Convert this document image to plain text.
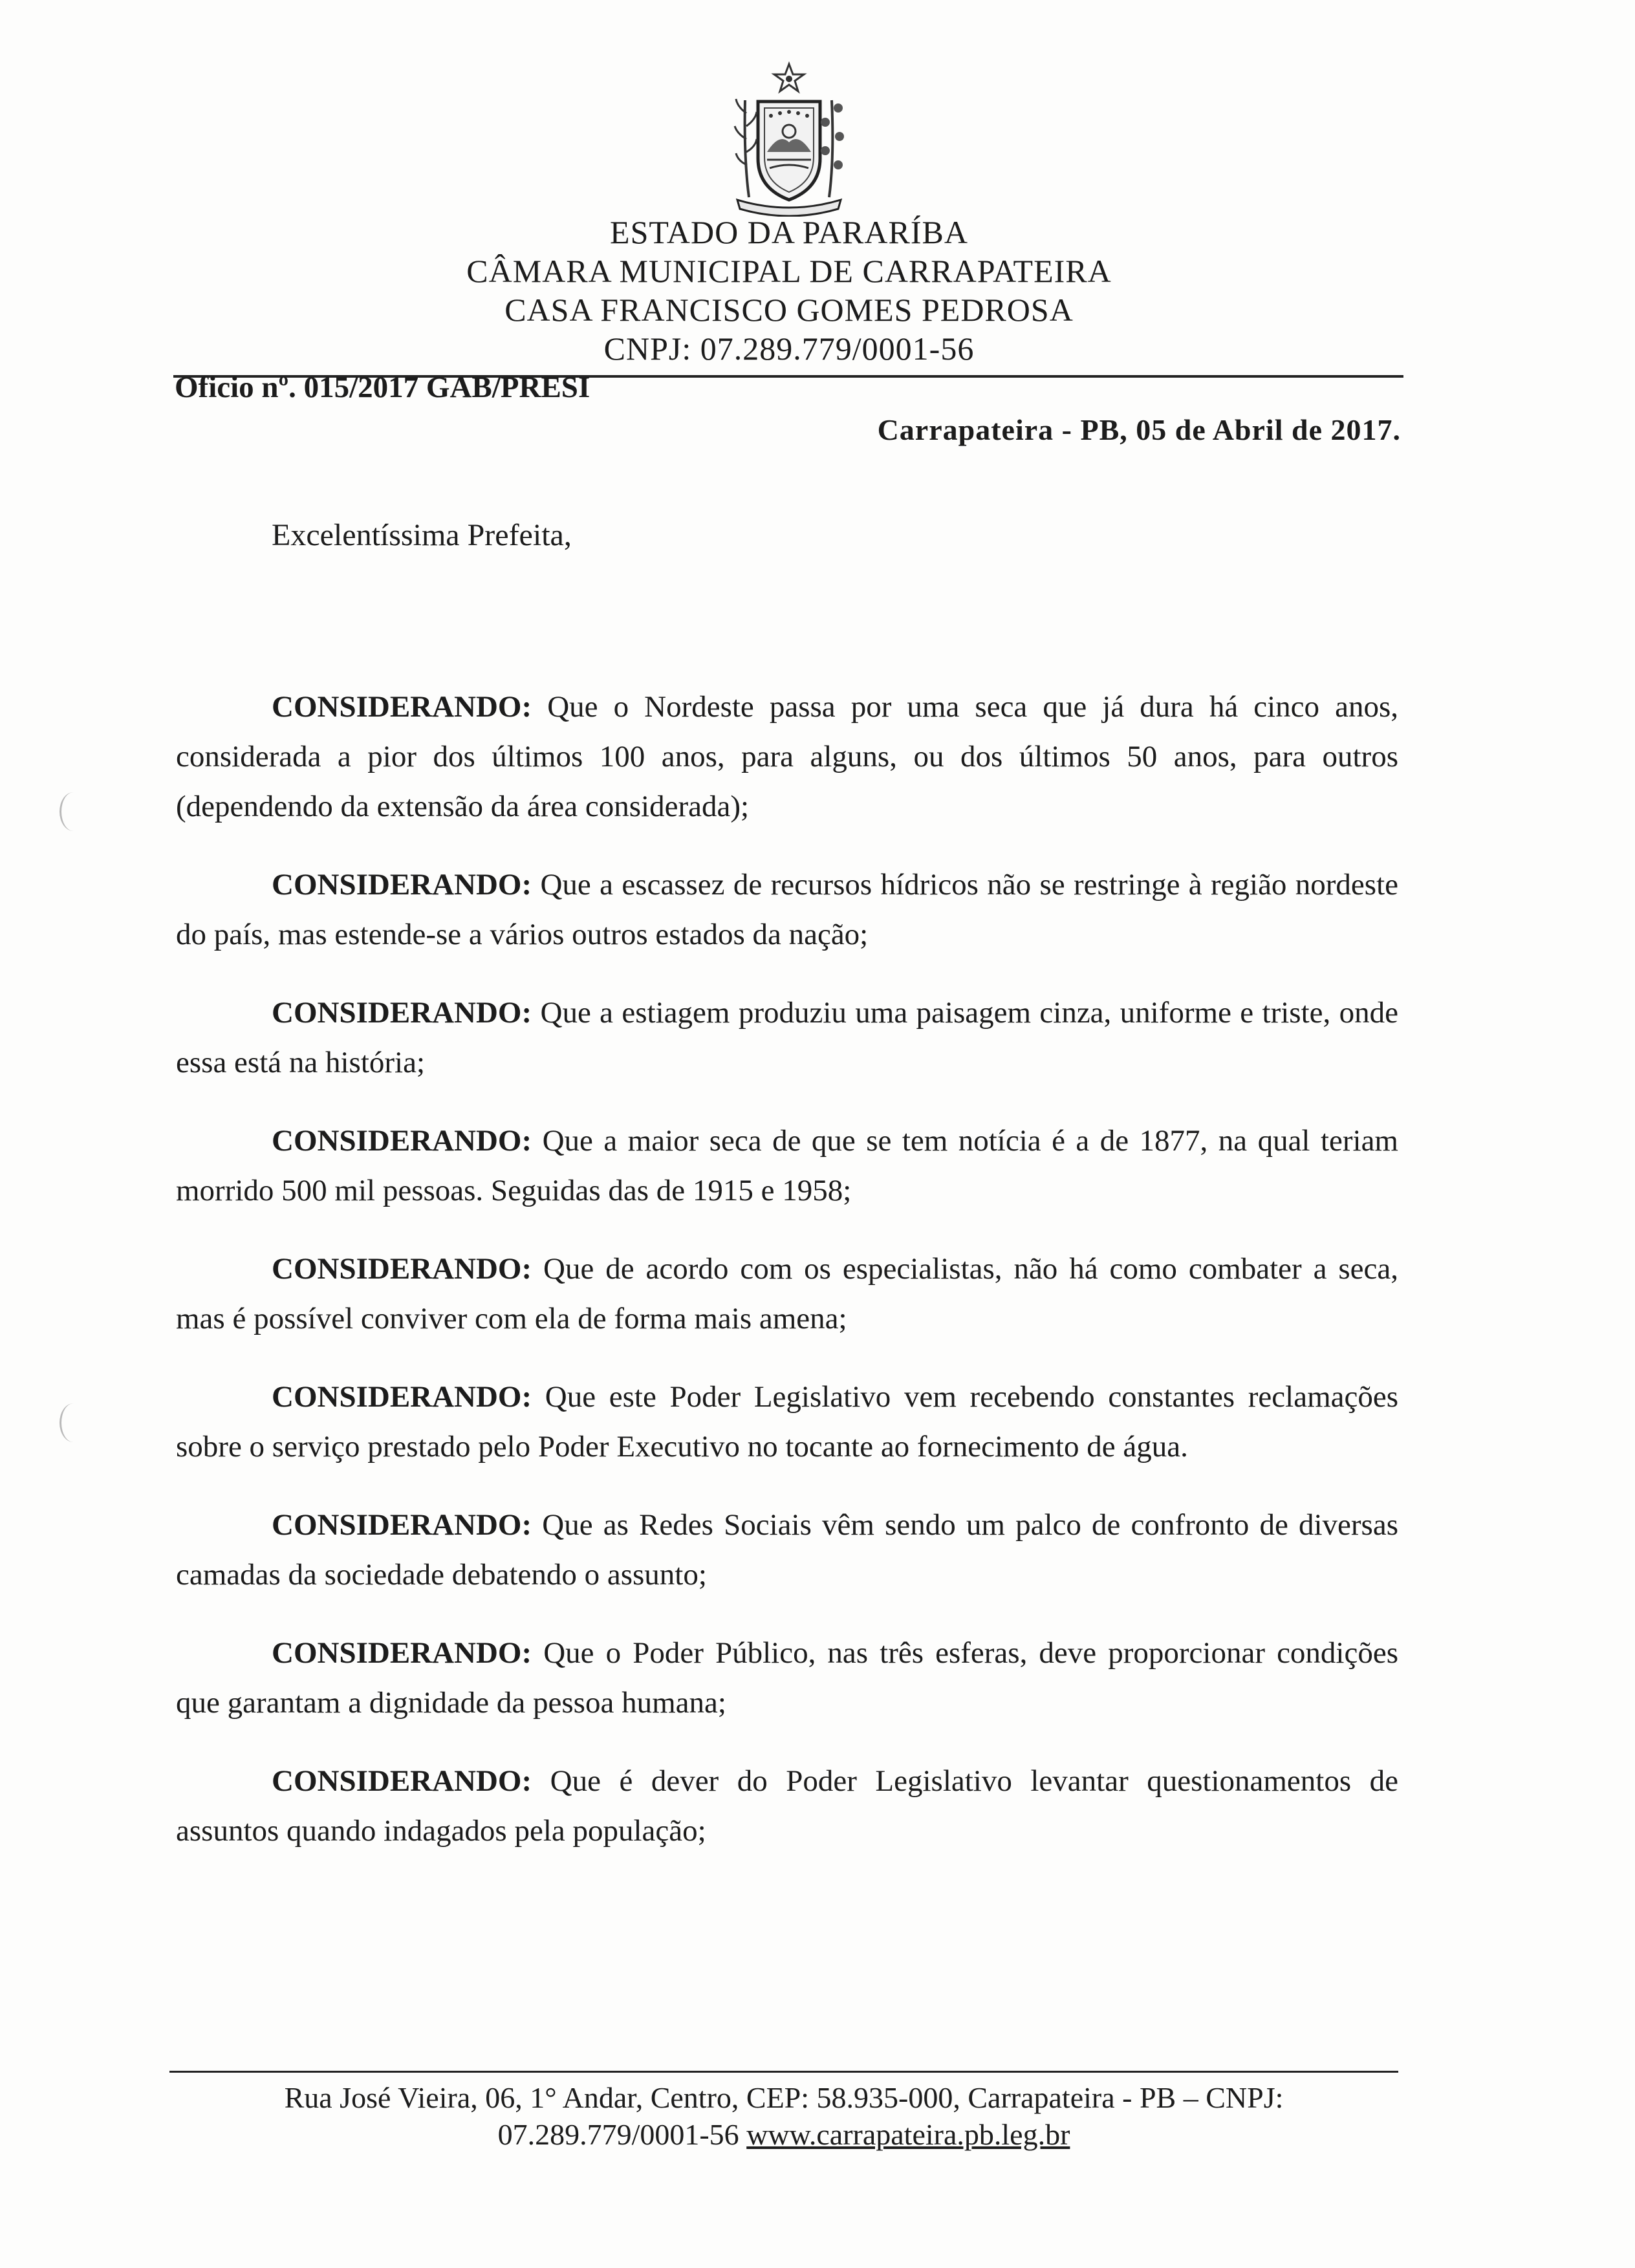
ESTADO DA PARARÍBA
CÂMARA MUNICIPAL DE CARRAPATEIRA
CASA FRANCISCO GOMES PEDROSA
CNPJ: 07.289.779/0001-56
Oficio nº. 015/2017 GAB/PRESI
Carrapateira - PB, 05 de Abril de 2017.
Excelentíssima Prefeita,

CONSIDERANDO: Que o Nordeste passa por uma seca que já dura há cinco anos, considerada a pior dos últimos 100 anos, para alguns, ou dos últimos 50 anos, para outros (dependendo da extensão da área considerada);

CONSIDERANDO: Que a escassez de recursos hídricos não se restringe à região nordeste do país, mas estende-se a vários outros estados da nação;

CONSIDERANDO: Que a estiagem produziu uma paisagem cinza, uniforme e triste, onde essa está na história;

CONSIDERANDO: Que a maior seca de que se tem notícia é a de 1877, na qual teriam morrido 500 mil pessoas. Seguidas das de 1915 e 1958;

CONSIDERANDO: Que de acordo com os especialistas, não há como combater a seca, mas é possível conviver com ela de forma mais amena;

CONSIDERANDO: Que este Poder Legislativo vem recebendo constantes reclamações sobre o serviço prestado pelo Poder Executivo no tocante ao fornecimento de água.

CONSIDERANDO: Que as Redes Sociais vêm sendo um palco de confronto de diversas camadas da sociedade debatendo o assunto;

CONSIDERANDO: Que o Poder Público, nas três esferas, deve proporcionar condições que garantam a dignidade da pessoa humana;

CONSIDERANDO: Que é dever do Poder Legislativo levantar questionamentos de assuntos quando indagados pela população;

Rua José Vieira, 06, 1° Andar, Centro, CEP: 58.935-000, Carrapateira - PB – CNPJ:
07.289.779/0001-56 www.carrapateira.pb.leg.br
